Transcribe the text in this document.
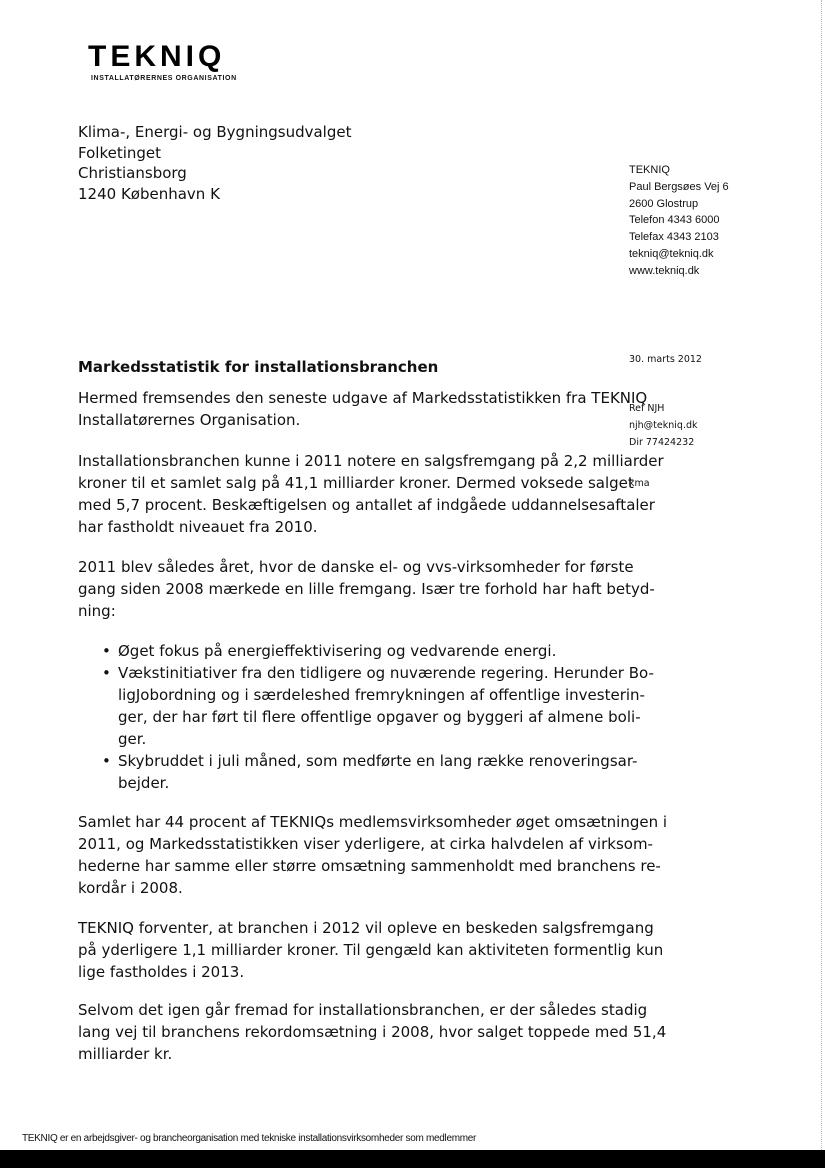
TEKNIQ
INSTALLATØRERNES ORGANISATION
Klima-, Energi- og Bygningsudvalget
Folketinget
Christiansborg
1240 København K
TEKNIQ
Paul Bergsøes Vej 6
2600 Glostrup
Telefon 4343 6000
Telefax 4343 2103
tekniq@tekniq.dk
www.tekniq.dk
30. marts 2012
Ref NJH
njh@tekniq.dk
Dir 77424232
kma
Markedsstatistik for installationsbranchen
Hermed fremsendes den seneste udgave af Markedsstatistikken fra TEKNIQ
Installatørernes Organisation.
Installationsbranchen kunne i 2011 notere en salgsfremgang på 2,2 milliarder
kroner til et samlet salg på 41,1 milliarder kroner. Dermed voksede salget
med 5,7 procent. Beskæftigelsen og antallet af indgåede uddannelsesaftaler
har fastholdt niveauet fra 2010.
2011 blev således året, hvor de danske el- og vvs-virksomheder for første
gang siden 2008 mærkede en lille fremgang. Især tre forhold har haft betyd-
ning:
• Øget fokus på energieffektivisering og vedvarende energi.
• Vækstinitiativer fra den tidligere og nuværende regering. Herunder Bo-
ligJobordning og i særdeleshed fremrykningen af offentlige investerin-
ger, der har ført til flere offentlige opgaver og byggeri af almene boli-
ger.
• Skybruddet i juli måned, som medførte en lang række renoveringsar-
bejder.
Samlet har 44 procent af TEKNIQs medlemsvirksomheder øget omsætningen i
2011, og Markedsstatistikken viser yderligere, at cirka halvdelen af virksom-
hederne har samme eller større omsætning sammenholdt med branchens re-
kordår i 2008.
TEKNIQ forventer, at branchen i 2012 vil opleve en beskeden salgsfremgang
på yderligere 1,1 milliarder kroner. Til gengæld kan aktiviteten formentlig kun
lige fastholdes i 2013.
Selvom det igen går fremad for installationsbranchen, er der således stadig
lang vej til branchens rekordomsætning i 2008, hvor salget toppede med 51,4
milliarder kr.
TEKNIQ er en arbejdsgiver- og brancheorganisation med tekniske installationsvirksomheder som medlemmer
